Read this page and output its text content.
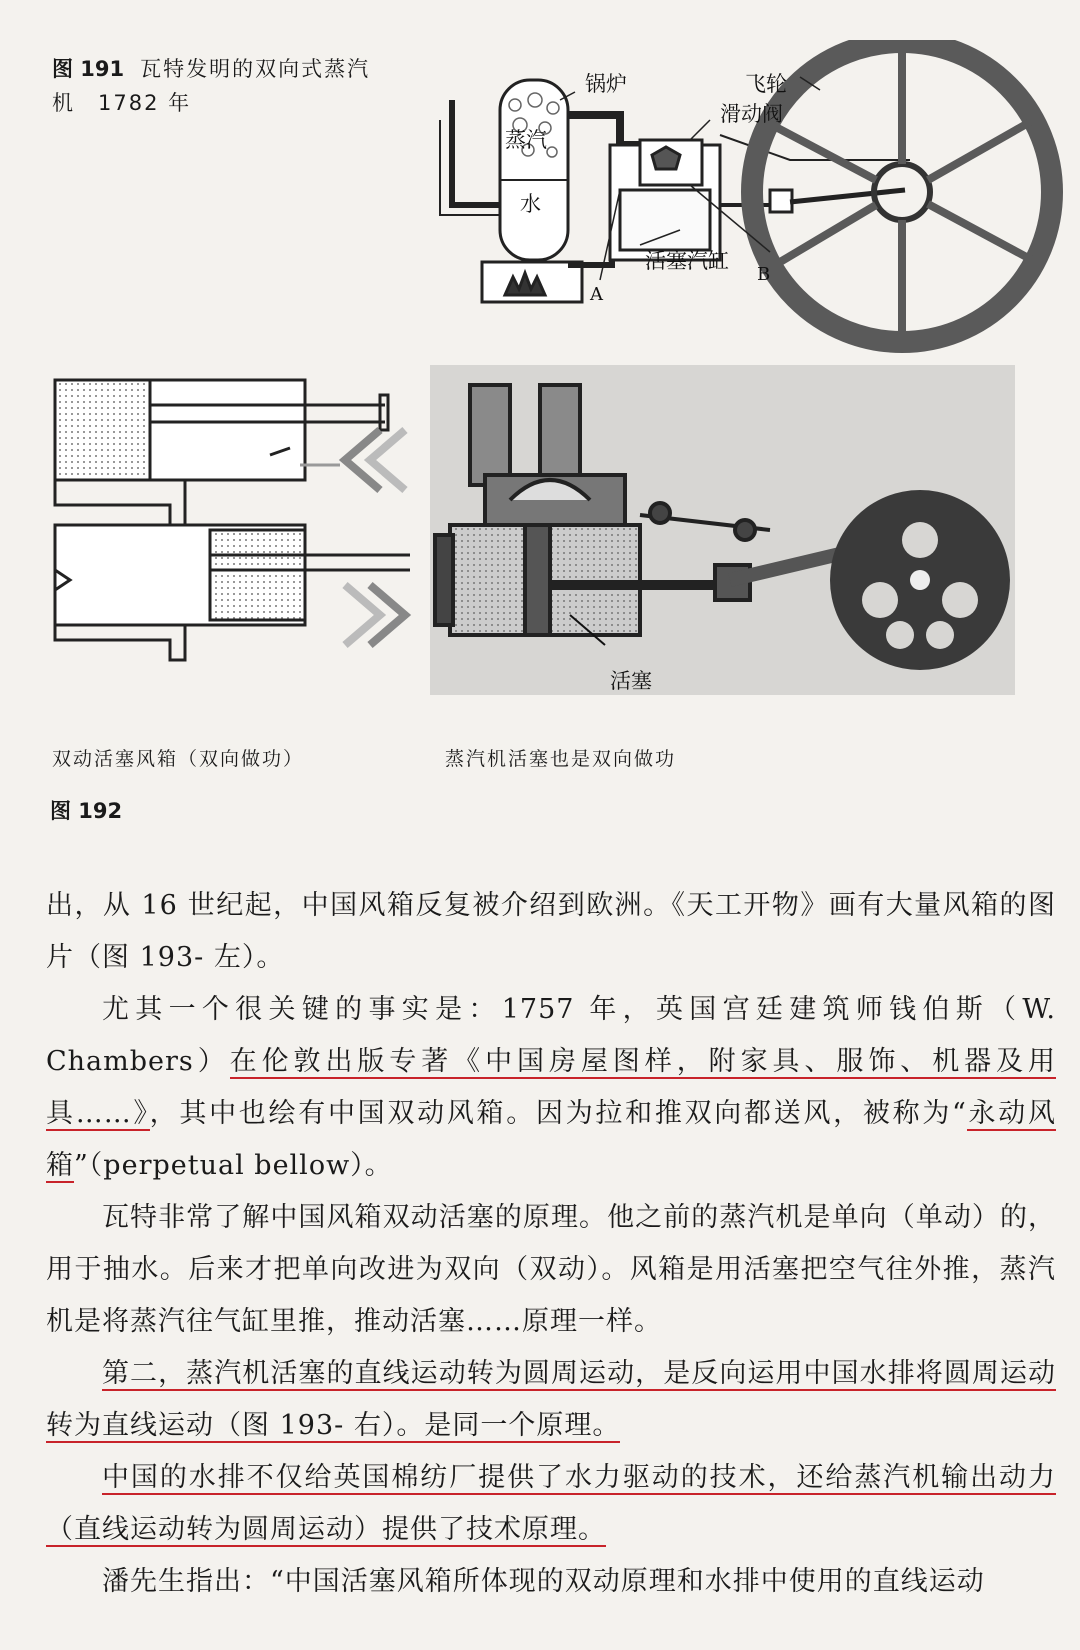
图 191 瓦特发明的双向式蒸汽
机　1782 年
锅炉
蒸汽
水
飞轮
滑动阀
活塞汽缸
A
B
活塞
双动活塞风箱（双向做功）	蒸汽机活塞也是双向做功
图 192

出，从 16 世纪起，中国风箱反复被介绍到欧洲。《天工开物》画有大量风箱的图片（图 193- 左）。

尤其一个很关键的事实是：1757 年，英国宫廷建筑师钱伯斯（W. Chambers）在伦敦出版专著《中国房屋图样，附家具、服饰、机器及用具……》，其中也绘有中国双动风箱。因为拉和推双向都送风，被称为“永动风箱”（perpetual bellow）。

瓦特非常了解中国风箱双动活塞的原理。他之前的蒸汽机是单向（单动）的，用于抽水。后来才把单向改进为双向（双动）。风箱是用活塞把空气往外推，蒸汽机是将蒸汽往气缸里推，推动活塞……原理一样。

第二，蒸汽机活塞的直线运动转为圆周运动，是反向运用中国水排将圆周运动转为直线运动（图 193- 右）。是同一个原理。

中国的水排不仅给英国棉纺厂提供了水力驱动的技术，还给蒸汽机输出动力（直线运动转为圆周运动）提供了技术原理。

潘先生指出：“中国活塞风箱所体现的双动原理和水排中使用的直线运动
